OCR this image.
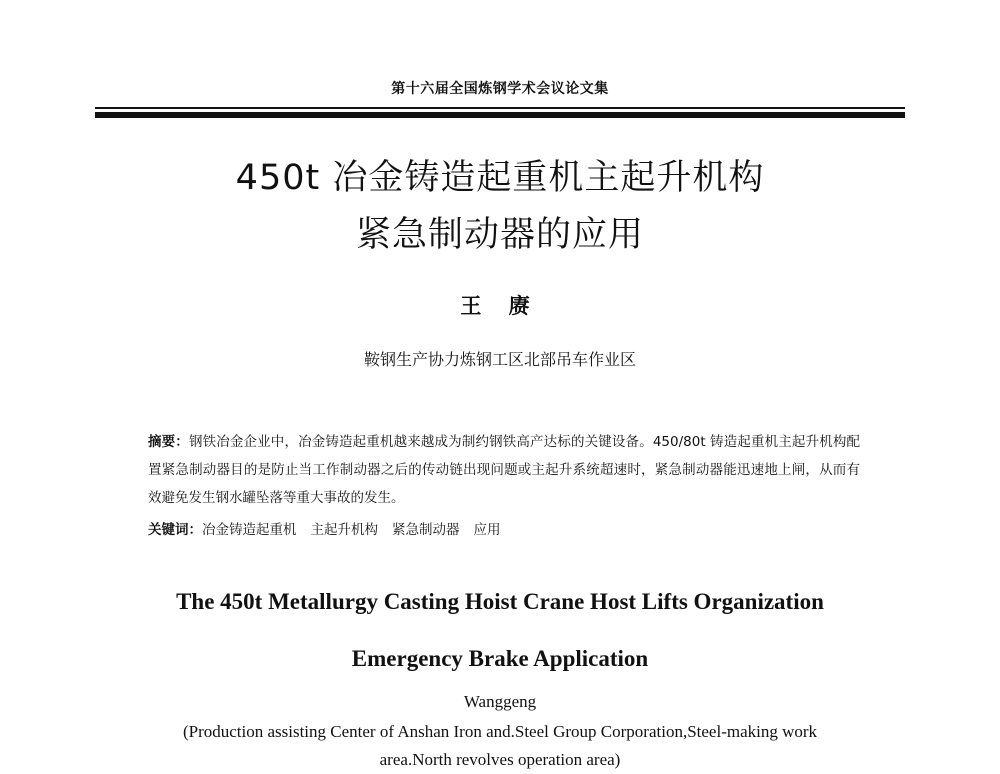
第十六届全国炼钢学术会议论文集
450t 冶金铸造起重机主起升机构
紧急制动器的应用
王 赓
鞍钢生产协力炼钢工区北部吊车作业区
摘要：钢铁冶金企业中，冶金铸造起重机越来越成为制约钢铁高产达标的关键设备。450/80t 铸造起重机主起升机构配置紧急制动器目的是防止当工作制动器之后的传动链出现问题或主起升系统超速时，紧急制动器能迅速地上闸，从而有效避免发生钢水罐坠落等重大事故的发生。
关键词：冶金铸造起重机 主起升机构 紧急制动器 应用
The 450t Metallurgy Casting Hoist Crane Host Lifts Organization
Emergency Brake Application
Wanggeng
(Production assisting Center of Anshan Iron and.Steel Group Corporation,Steel-making work area.North revolves operation area)
